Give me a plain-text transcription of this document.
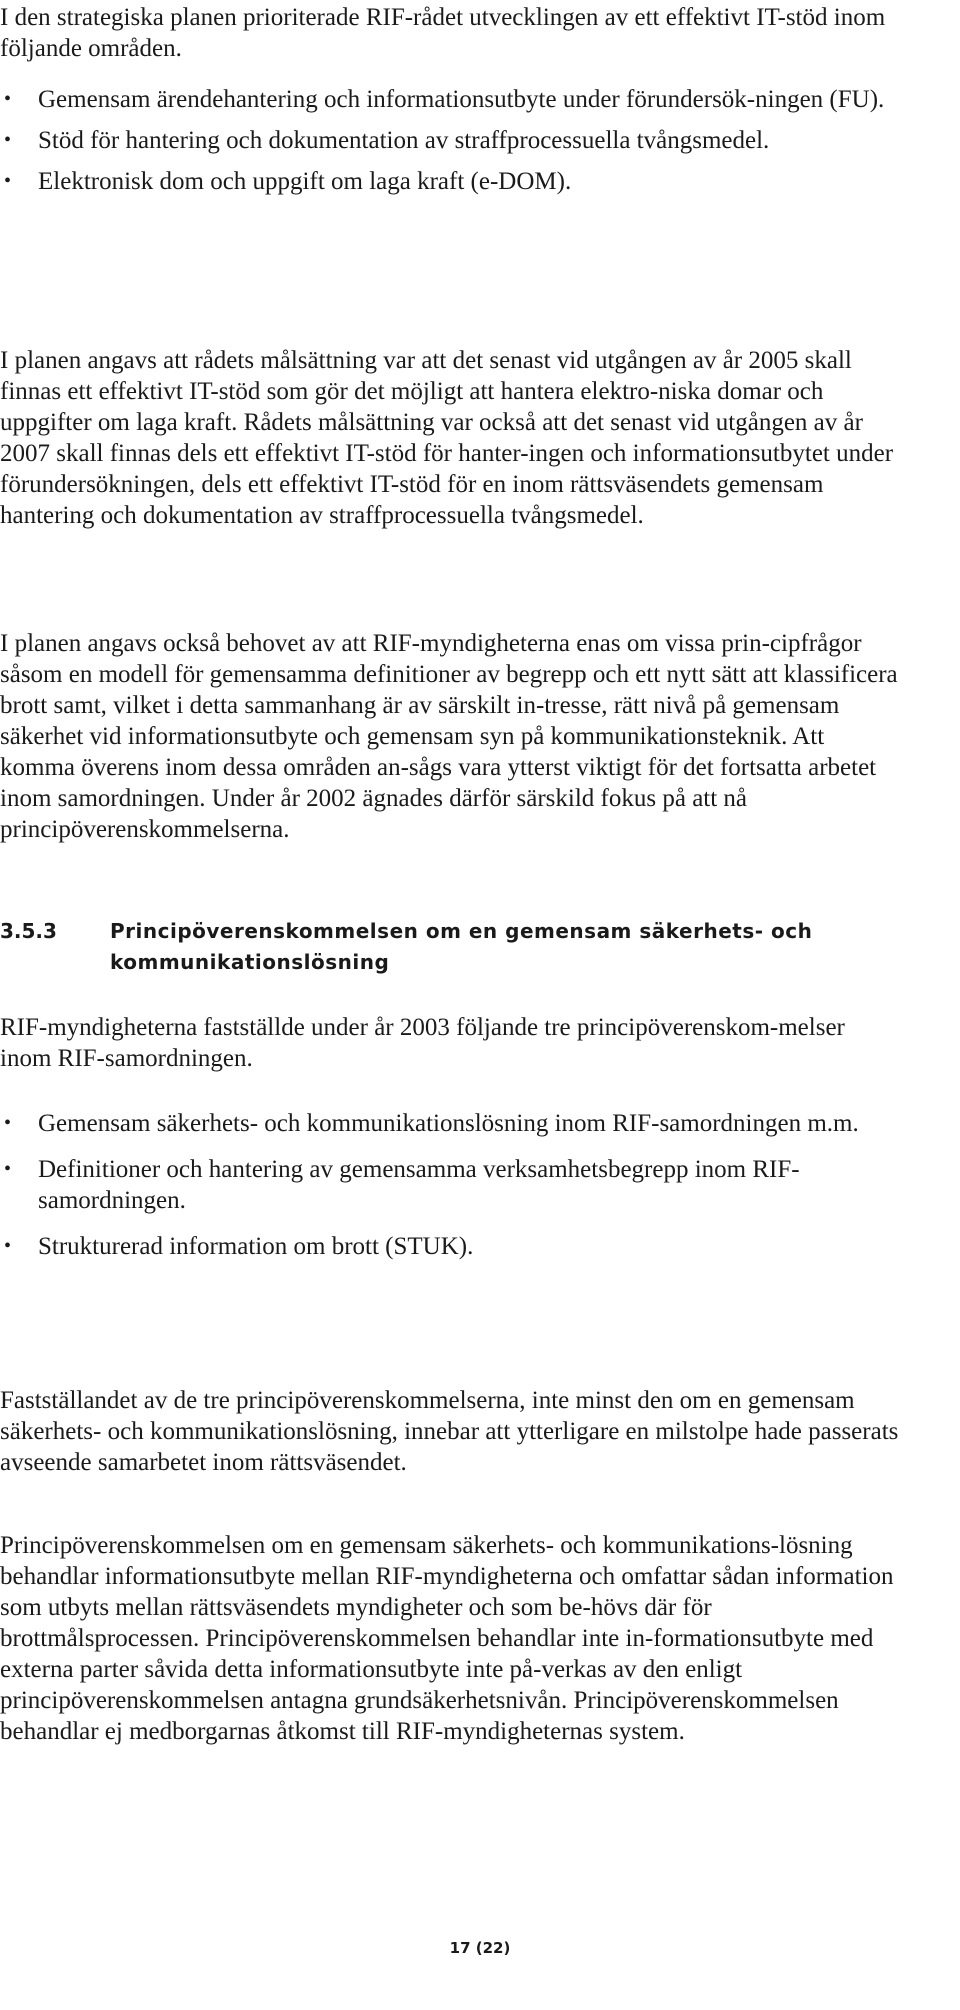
I den strategiska planen prioriterade RIF-rådet utvecklingen av ett effektivt IT-stöd inom följande områden.

•	Gemensam ärendehantering och informationsutbyte under förundersök-ningen (FU).
•	Stöd för hantering och dokumentation av straffprocessuella tvångsmedel.
•	Elektronisk dom och uppgift om laga kraft (e-DOM).

I planen angavs att rådets målsättning var att det senast vid utgången av år 2005 skall finnas ett effektivt IT-stöd som gör det möjligt att hantera elektro-niska domar och uppgifter om laga kraft. Rådets målsättning var också att det senast vid utgången av år 2007 skall finnas dels ett effektivt IT-stöd för hanter-ingen och informationsutbytet under förundersökningen, dels ett effektivt IT-stöd för en inom rättsväsendets gemensam hantering och dokumentation av straffprocessuella tvångsmedel.

I planen angavs också behovet av att RIF-myndigheterna enas om vissa prin-cipfrågor såsom en modell för gemensamma definitioner av begrepp och ett nytt sätt att klassificera brott samt, vilket i detta sammanhang är av särskilt in-tresse, rätt nivå på gemensam säkerhet vid informationsutbyte och gemensam syn på kommunikationsteknik. Att komma överens inom dessa områden an-sågs vara ytterst viktigt för det fortsatta arbetet inom samordningen. Under år 2002 ägnades därför särskild fokus på att nå principöverenskommelserna.

3.5.3	Principöverenskommelsen om en gemensam säkerhets- och kommunikationslösning

RIF-myndigheterna fastställde under år 2003 följande tre principöverenskom-melser inom RIF-samordningen.

•	Gemensam säkerhets- och kommunikationslösning inom RIF-samordningen m.m.
•	Definitioner och hantering av gemensamma verksamhetsbegrepp inom RIF-samordningen.
•	Strukturerad information om brott (STUK).

Fastställandet av de tre principöverenskommelserna, inte minst den om en gemensam säkerhets- och kommunikationslösning, innebar att ytterligare en milstolpe hade passerats avseende samarbetet inom rättsväsendet.

Principöverenskommelsen om en gemensam säkerhets- och kommunikations-lösning behandlar informationsutbyte mellan RIF-myndigheterna och omfattar sådan information som utbyts mellan rättsväsendets myndigheter och som be-hövs där för brottmålsprocessen. Principöverenskommelsen behandlar inte in-formationsutbyte med externa parter såvida detta informationsutbyte inte på-verkas av den enligt principöverenskommelsen antagna grundsäkerhetsnivån. Principöverenskommelsen behandlar ej medborgarnas åtkomst till RIF-myndigheternas system.

17 (22)
